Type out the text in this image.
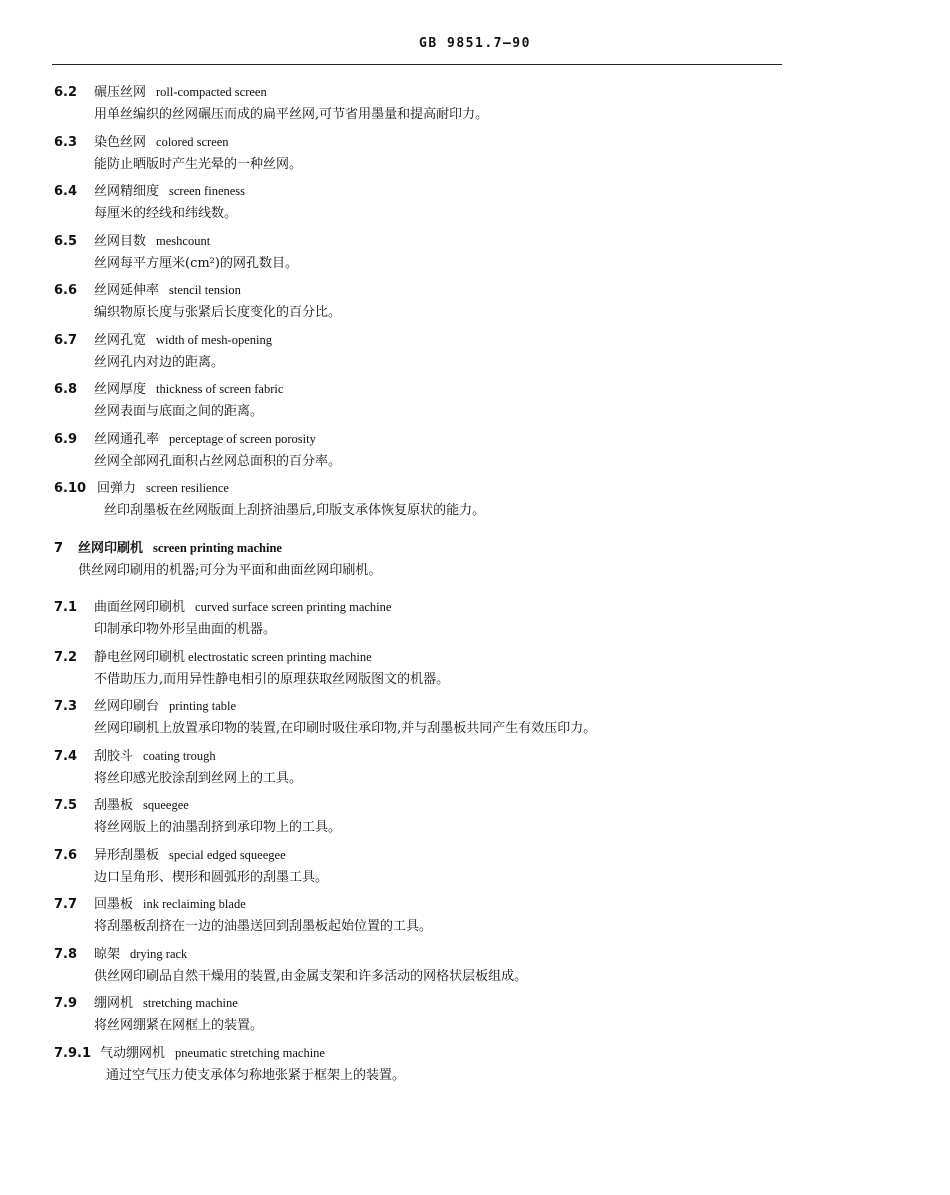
GB 9851.7—90
6.2 碾压丝网 roll-compacted screen
用单丝编织的丝网碾压而成的扁平丝网,可节省用墨量和提高耐印力。
6.3 染色丝网 colored screen
能防止晒版时产生光晕的一种丝网。
6.4 丝网精细度 screen fineness
每厘米的经线和纬线数。
6.5 丝网目数 meshcount
丝网每平方厘米(cm²)的网孔数目。
6.6 丝网延伸率 stencil tension
编织物原长度与张紧后长度变化的百分比。
6.7 丝网孔宽 width of mesh-opening
丝网孔内对边的距离。
6.8 丝网厚度 thickness of screen fabric
丝网表面与底面之间的距离。
6.9 丝网通孔率 perceptage of screen porosity
丝网全部网孔面积占丝网总面积的百分率。
6.10 回弹力 screen resilience
丝印刮墨板在丝网版面上刮挤油墨后,印版支承体恢复原状的能力。
7 丝网印刷机 screen printing machine
供丝网印刷用的机器;可分为平面和曲面丝网印刷机。
7.1 曲面丝网印刷机 curved surface screen printing machine
印制承印物外形呈曲面的机器。
7.2 静电丝网印刷机 electrostatic screen printing machine
不借助压力,而用异性静电相引的原理获取丝网版图文的机器。
7.3 丝网印刷台 printing table
丝网印刷机上放置承印物的装置,在印刷时吸住承印物,并与刮墨板共同产生有效压印力。
7.4 刮胶斗 coating trough
将丝印感光胶涂刮到丝网上的工具。
7.5 刮墨板 squeegee
将丝网版上的油墨刮挤到承印物上的工具。
7.6 异形刮墨板 special edged squeegee
边口呈角形、楔形和圆弧形的刮墨工具。
7.7 回墨板 ink reclaiming blade
将刮墨板刮挤在一边的油墨送回到刮墨板起始位置的工具。
7.8 晾架 drying rack
供丝网印刷品自然干燥用的装置,由金属支架和许多活动的网格状层板组成。
7.9 绷网机 stretching machine
将丝网绷紧在网框上的装置。
7.9.1 气动绷网机 pneumatic stretching machine
通过空气压力使支承体匀称地张紧于框架上的装置。
